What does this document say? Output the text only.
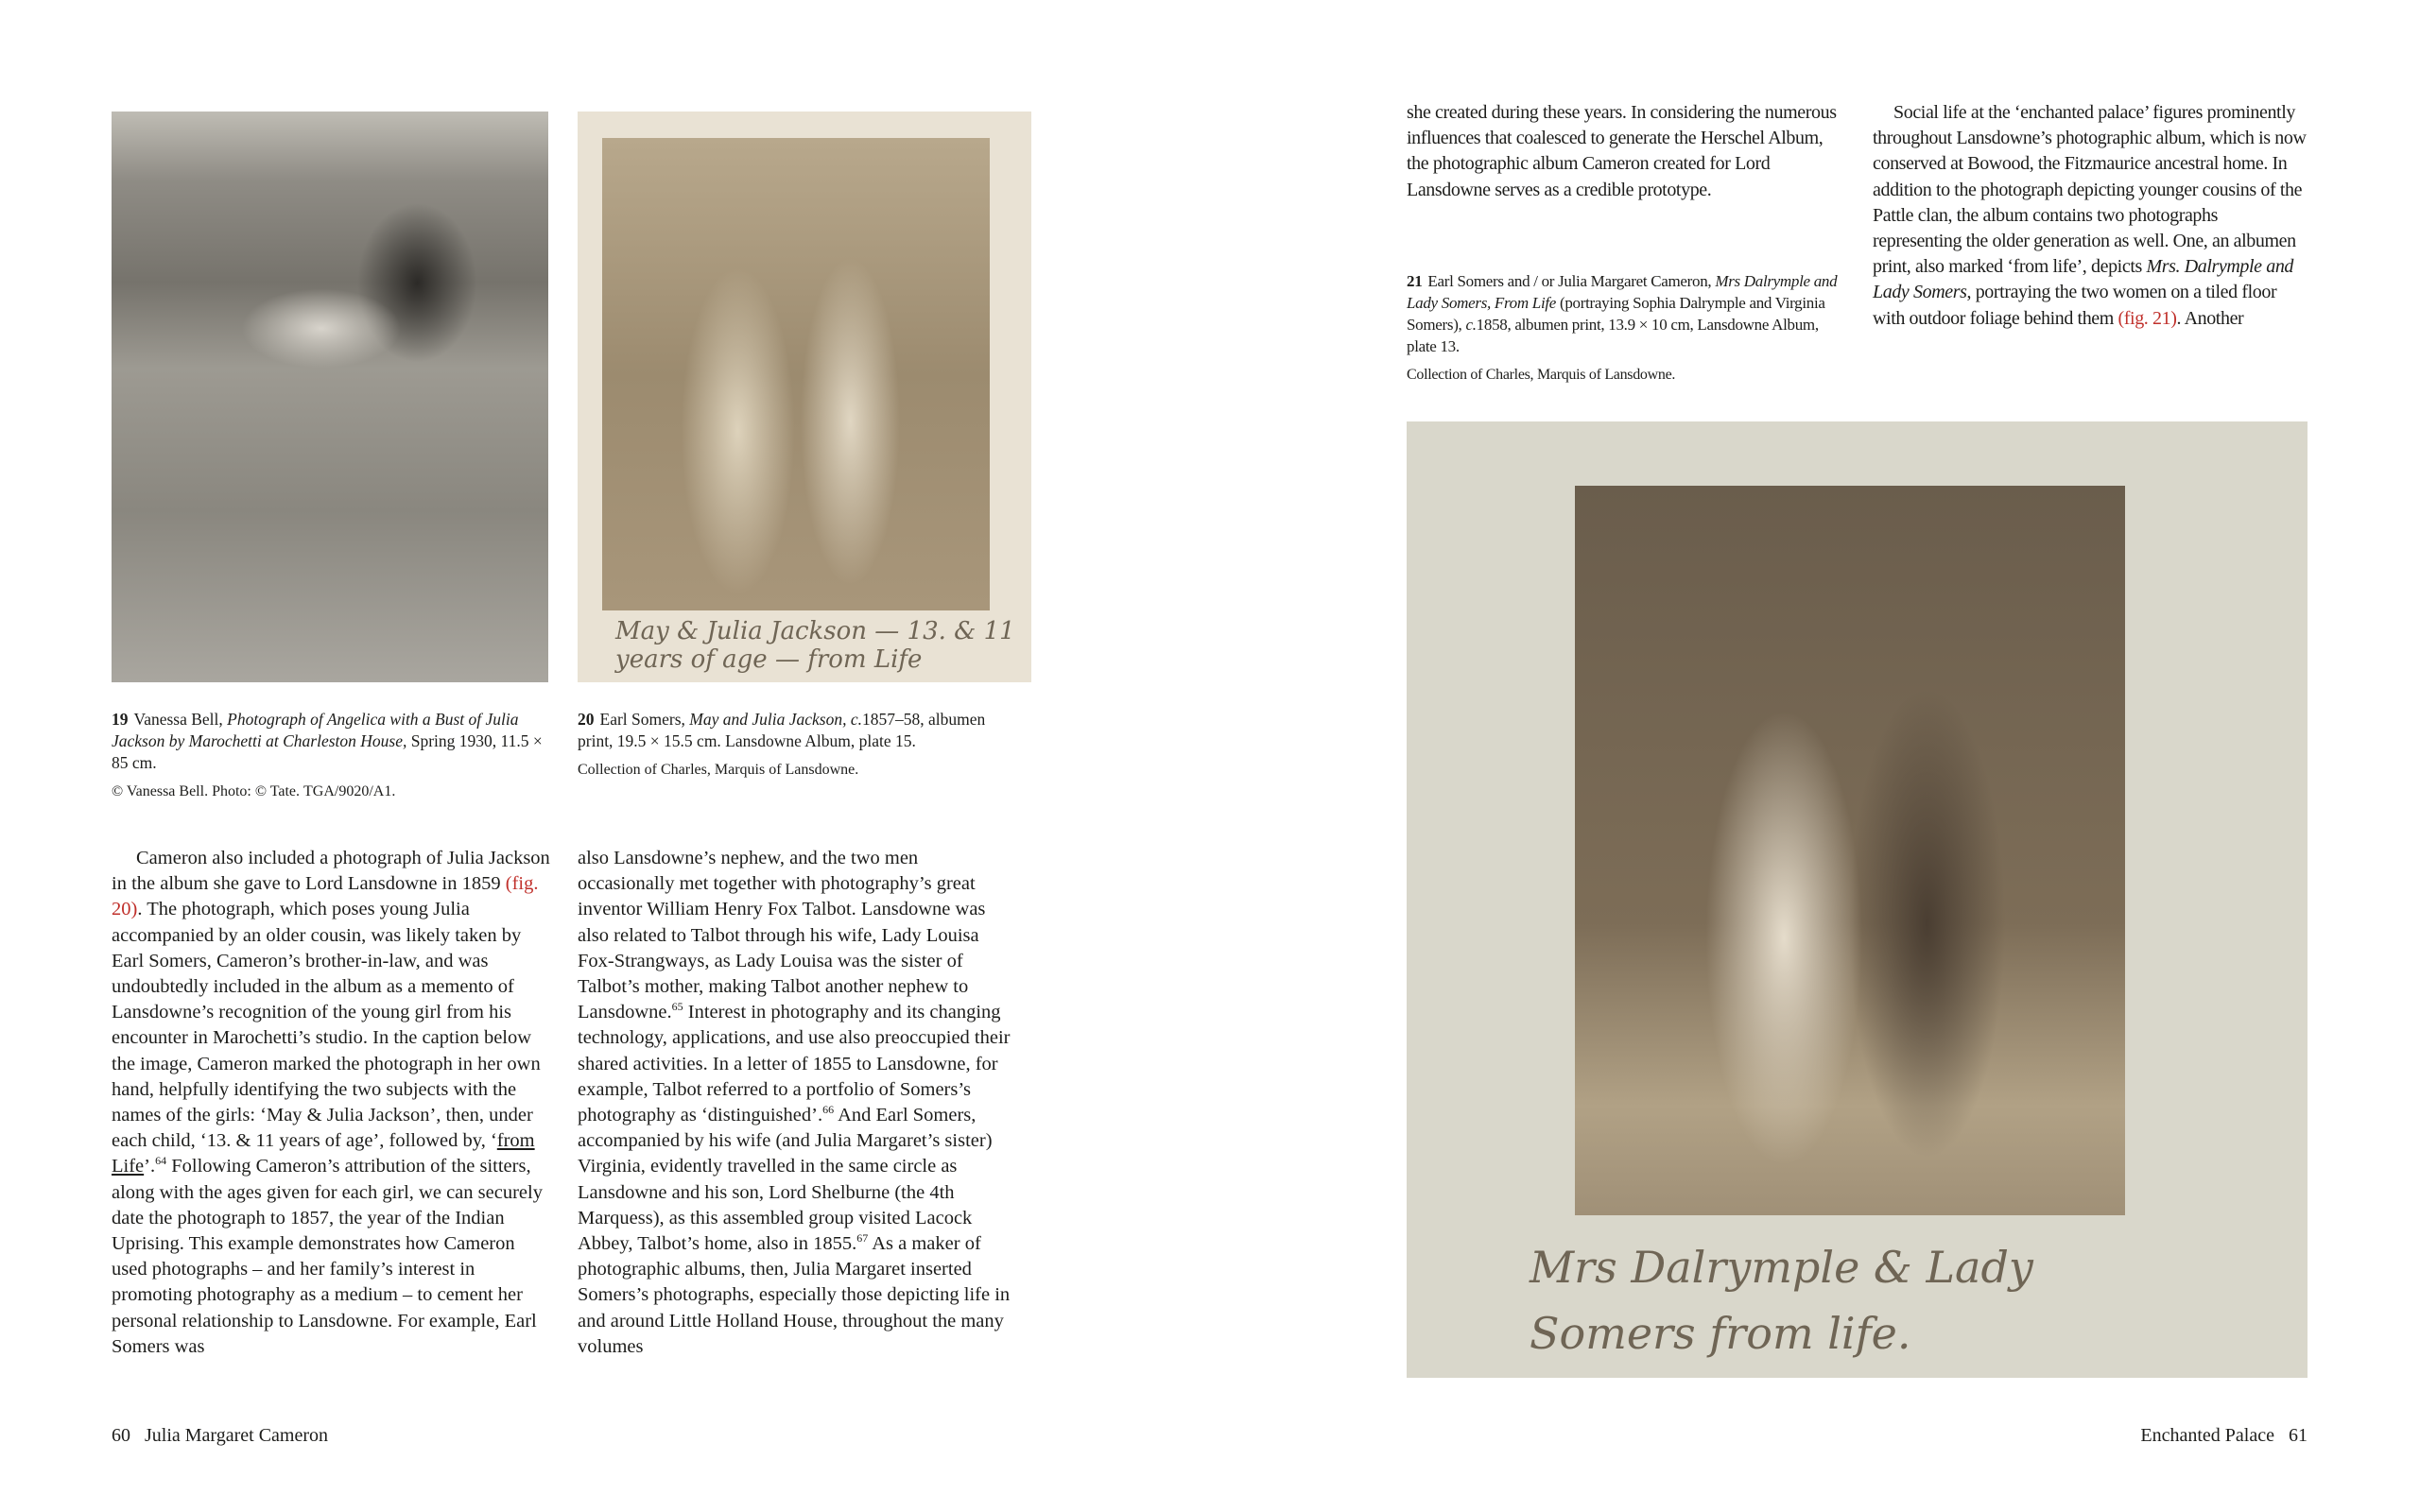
May & Julia Jackson — 13. & 11 years of age — from Life
19 Vanessa Bell, Photograph of Angelica with a Bust of Julia Jackson by Marochetti at Charleston House, Spring 1930, 11.5 × 85 cm.
© Vanessa Bell. Photo: © Tate. TGA/9020/A1.
20 Earl Somers, May and Julia Jackson, c.1857–58, albumen print, 19.5 × 15.5 cm. Lansdowne Album, plate 15.
Collection of Charles, Marquis of Lansdowne.
Cameron also included a photograph of Julia Jackson in the album she gave to Lord Lansdowne in 1859 (fig. 20). The photograph, which poses young Julia accompanied by an older cousin, was likely taken by Earl Somers, Cameron’s brother-in-law, and was undoubtedly included in the album as a memento of Lansdowne’s recognition of the young girl from his encounter in Marochetti’s studio. In the caption below the image, Cameron marked the photograph in her own hand, helpfully identifying the two subjects with the names of the girls: ‘May & Julia Jackson’, then, under each child, ‘13. & 11 years of age’, followed by, ‘from Life’.$^{64}$ Following Cameron’s attribution of the sitters, along with the ages given for each girl, we can securely date the photograph to 1857, the year of the Indian Uprising. This example demonstrates how Cameron used photographs – and her family’s interest in promoting photography as a medium – to cement her personal relationship to Lansdowne. For example, Earl Somers was
also Lansdowne’s nephew, and the two men occasionally met together with photography’s great inventor William Henry Fox Talbot. Lansdowne was also related to Talbot through his wife, Lady Louisa Fox-Strangways, as Lady Louisa was the sister of Talbot’s mother, making Talbot another nephew to Lansdowne.$^{65}$ Interest in photography and its changing technology, applications, and use also preoccupied their shared activities. In a letter of 1855 to Lansdowne, for example, Talbot referred to a portfolio of Somers’s photography as ‘distinguished’.$^{66}$ And Earl Somers, accompanied by his wife (and Julia Margaret’s sister) Virginia, evidently travelled in the same circle as Lansdowne and his son, Lord Shelburne (the 4th Marquess), as this assembled group visited Lacock Abbey, Talbot’s home, also in 1855.67 As a maker of photographic albums, then, Julia Margaret inserted Somers’s photographs, especially those depicting life in and around Little Holland House, throughout the many volumes
60 Julia Margaret Cameron
she created during these years. In considering the numerous influences that coalesced to generate the Herschel Album, the photographic album Cameron created for Lord Lansdowne serves as a credible prototype.
21 Earl Somers and / or Julia Margaret Cameron, Mrs Dalrymple and Lady Somers, From Life (portraying Sophia Dalrymple and Virginia Somers), c.1858, albumen print, 13.9 × 10 cm, Lansdowne Album, plate 13.
Collection of Charles, Marquis of Lansdowne.
Social life at the ‘enchanted palace’ figures prominently throughout Lansdowne’s photographic album, which is now conserved at Bowood, the Fitzmaurice ancestral home. In addition to the photograph depicting younger cousins of the Pattle clan, the album contains two photographs representing the older generation as well. One, an albumen print, also marked ‘from life’, depicts Mrs. Dalrymple and Lady Somers, portraying the two women on a tiled floor with outdoor foliage behind them (fig. 21). Another
Mrs Dalrymple & Lady Somers from life.
Enchanted Palace 61
